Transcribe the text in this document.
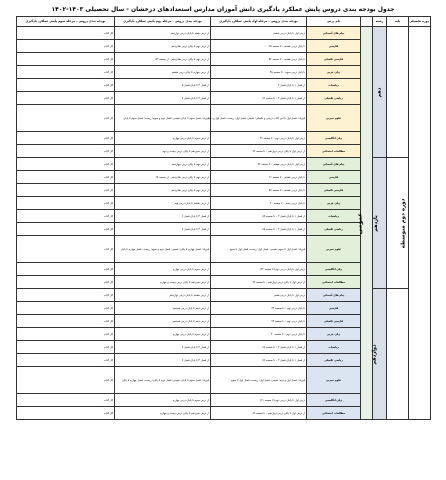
جدول بودجه بندی دروس پایش عملکرد یادگیری دانش آموزان مدارس استعدادهای درخشان - سال تحصیلی ۱۴۰۳-۱۴۰۲
دوره تحصیلی	پایه	رشته		نام درس	بودجه بندی دروس – مرحله اول پایش عملکرد یادگیری	بودجه بندی دروس – مرحله دوم پایش عملکرد یادگیری	بودجه بندی دروس – مرحله سوم پایش عملکرد یادگیری
دوره دوم متوسطه		دهم	عمومی	پیام های آسمانی	درس اول تا پایان درس ششم	از درس هفتم تا پایان درس دوازدهم	کل کتاب
				فارسی	تا پایان درس هشتم – تا صفحه ۶۵	از درس نهم تا پایان درس شانزدهم	کل کتاب
				فارسی تکمیلی	تا پایان درس هشتم – تا صفحه ۵۲	از درس نهم تا پایان درس شانزدهم – از صفحه ۵۳	کل کتاب
				زبان عربی	تا پایان درس سوم – تا صفحه ۴۸	از درس چهارم تا پایان درس ششم	کل کتاب
				ریاضیات	از فصل ۱ تا پایان فصل ۳	از فصل ۴ تا پایان فصل ۵	کل کتاب
				ریاضی تکمیلی	از فصل ۱ تا پایان فصل ۳ – تا صفحه ۸۶	از فصل ۴ تا پایان فصل ۷	کل کتاب
				علوم تجربی	فیزیک: فصل اول تا آخر کتاب درسی و تکمیلی؛ شیمی: فصل اول؛ زیست: فصل اول و دوم	فیزیک: فصل سوم تا پایان؛ شیمی: فصل دوم و سوم؛ زیست: فصل سوم تا پایان	کل کتاب
				زبان انگلیسی	درس اول تا پایان درس دوم – تا صفحه ۳۶	از درس سوم تا پایان درس چهارم	کل کتاب
				مطالعات اجتماعی	از درس اول تا پایان درس دوازدهم – تا صفحه ۷۲	از درس سیزدهم تا پایان درس بیست و دوم	کل کتاب
		یازدهم		پیام های آسمانی	درس اول تا پایان درس هشتم – تا صفحه ۷۳	از درس نهم تا پایان درس چهاردهم	کل کتاب
				فارسی	تا پایان درس هشتم – تا صفحه ۶۶	از درس نهم تا پایان درس شانزدهم – از صفحه ۶۷	کل کتاب
				فارسی تکمیلی	تا پایان درس هشتم – تا صفحه ۵۷	از درس نهم تا پایان درس شانزدهم	کل کتاب
				زبان عربی	تا پایان درس پنجم – تا صفحه ۴۰	از درس ششم تا پایان درس نهم	کل کتاب
				ریاضیات	از فصل ۱ تا پایان فصل ۳ – تا صفحه ۸۹	از فصل ۴ تا پایان فصل ۶	کل کتاب
				ریاضی تکمیلی	از فصل ۱ تا پایان فصل ۳ – تا صفحه ۸۸	از فصل ۴ تا پایان فصل ۷	کل کتاب
				علوم تجربی	فیزیک: فصل اول تا سوم؛ شیمی: فصل اول؛ زیست: فصل اول تا سوم	فیزیک: فصل چهارم تا پایان؛ شیمی: فصل دوم و سوم؛ زیست: فصل چهارم تا پایان	کل کتاب
				زبان انگلیسی	درس اول تا پایان درس دوم (تا صفحه ۳۲)	از درس سوم تا پایان درس چهارم	کل کتاب
				مطالعات اجتماعی	از درس اول تا پایان درس دوازدهم – تا صفحه ۷۴	از درس سیزدهم تا پایان درس بیست و چهارم	کل کتاب
		دوازدهم		پیام های آسمانی	درس اول تا پایان درس هفتم	از درس هشتم تا پایان درس دوازدهم	کل کتاب
				فارسی	تا پایان درس نهم – تا صفحه ۷۳	از درس دهم تا پایان درس هجدهم	کل کتاب
				فارسی تکمیلی	تا پایان درس نهم – تا صفحه ۷۴	از درس دهم تا پایان درس هجدهم	کل کتاب
				زبان عربی	تا پایان درس دوم – تا صفحه ۴۰	از درس سوم تا پایان درس چهارم	کل کتاب
				ریاضیات	از فصل ۱ تا پایان فصل ۳ – تا صفحه ۷۷	از فصل ۴ تا پایان فصل ۷	کل کتاب
				ریاضی تکمیلی	از فصل ۱ تا پایان فصل ۳ – تا صفحه ۷۶	از فصل ۴ تا پایان فصل ۷	کل کتاب
				علوم تجربی	فیزیک: فصل اول و دوم؛ شیمی: فصل اول؛ زیست: فصل اول تا سوم	فیزیک: فصل سوم تا پایان؛ شیمی: فصل دوم تا پایان؛ زیست: فصل چهارم تا پایان	کل کتاب
				زبان انگلیسی	درس اول تا پایان درس دوم (تا صفحه ۶۱)	از درس سوم تا پایان درس چهارم	کل کتاب
				مطالعات اجتماعی	از درس اول تا پایان درس دوازدهم – تا صفحه ۸۶	از درس سیزدهم تا پایان درس بیست و چهارم	کل کتاب
